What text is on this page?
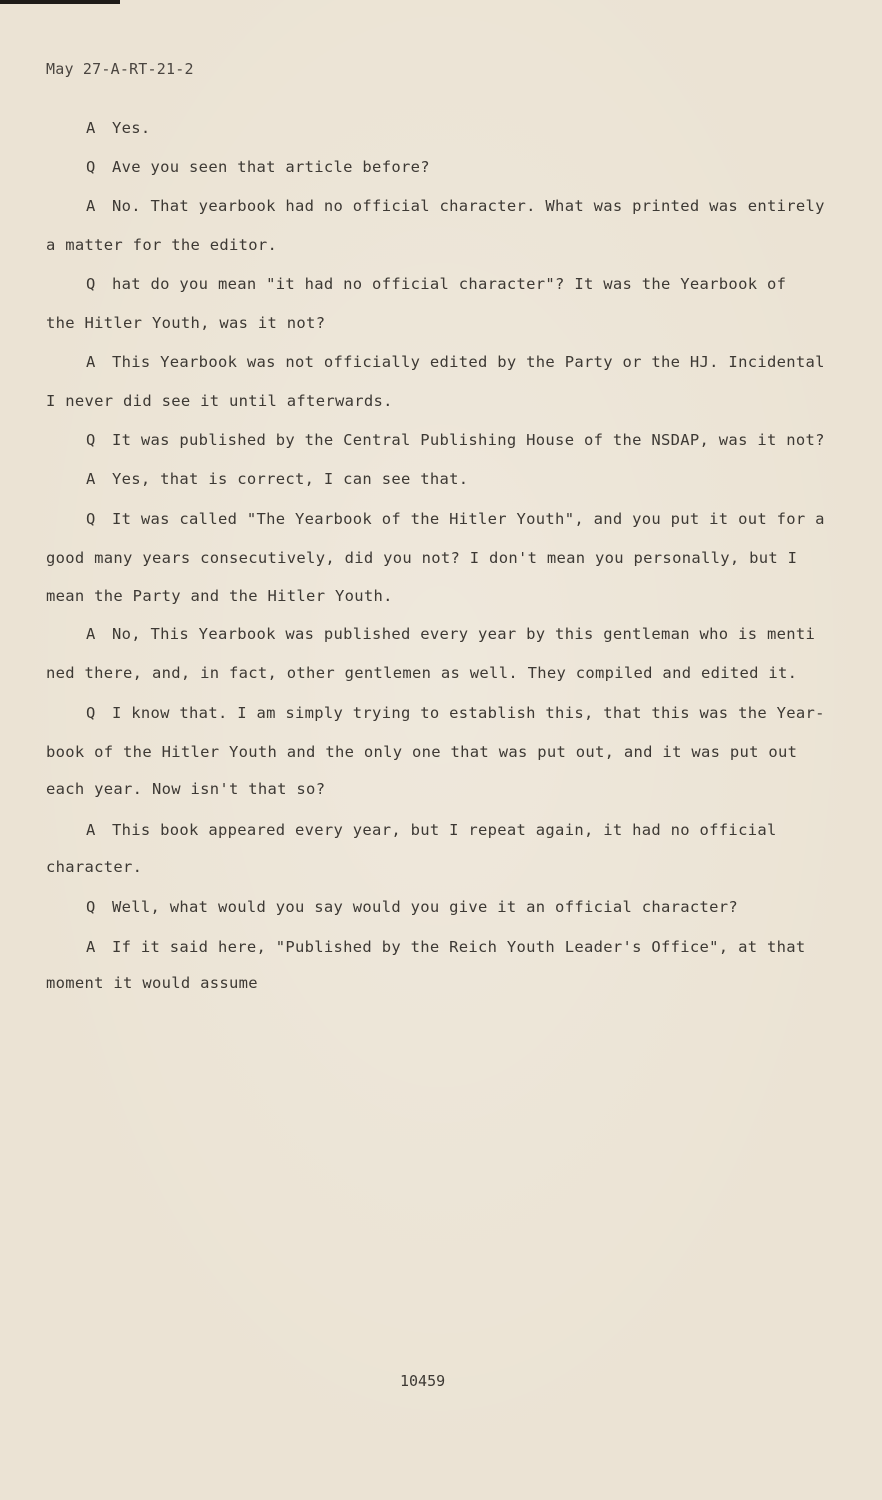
May 27-A-RT-21-2
A Yes.
Q Ave you seen that article before?
A No. That yearbook had no official character. What was printed was entirely
a matter for the editor.
Q hat do you mean "it had no official character"? It was the Yearbook of
the Hitler Youth, was it not?
A This Yearbook was not officially edited by the Party or the HJ. Incidental
I never did see it until afterwards.
Q It was published by the Central Publishing House of the NSDAP, was it not?
A Yes, that is correct, I can see that.
Q It was called "The Yearbook of the Hitler Youth", and you put it out for a
good many years consecutively, did you not? I don't mean you personally, but I
mean the Party and the Hitler Youth.
A No, This Yearbook was published every year by this gentleman who is menti
ned there, and, in fact, other gentlemen as well. They compiled and edited it.
Q I know that. I am simply trying to establish this, that this was the Year-
book of the Hitler Youth and the only one that was put out, and it was put out
each year. Now isn't that so?
A This book appeared every year, but I repeat again, it had no official
character.
Q Well, what would you say would you give it an official character?
A If it said here, "Published by the Reich Youth Leader's Office", at that
moment it would assume
10459
